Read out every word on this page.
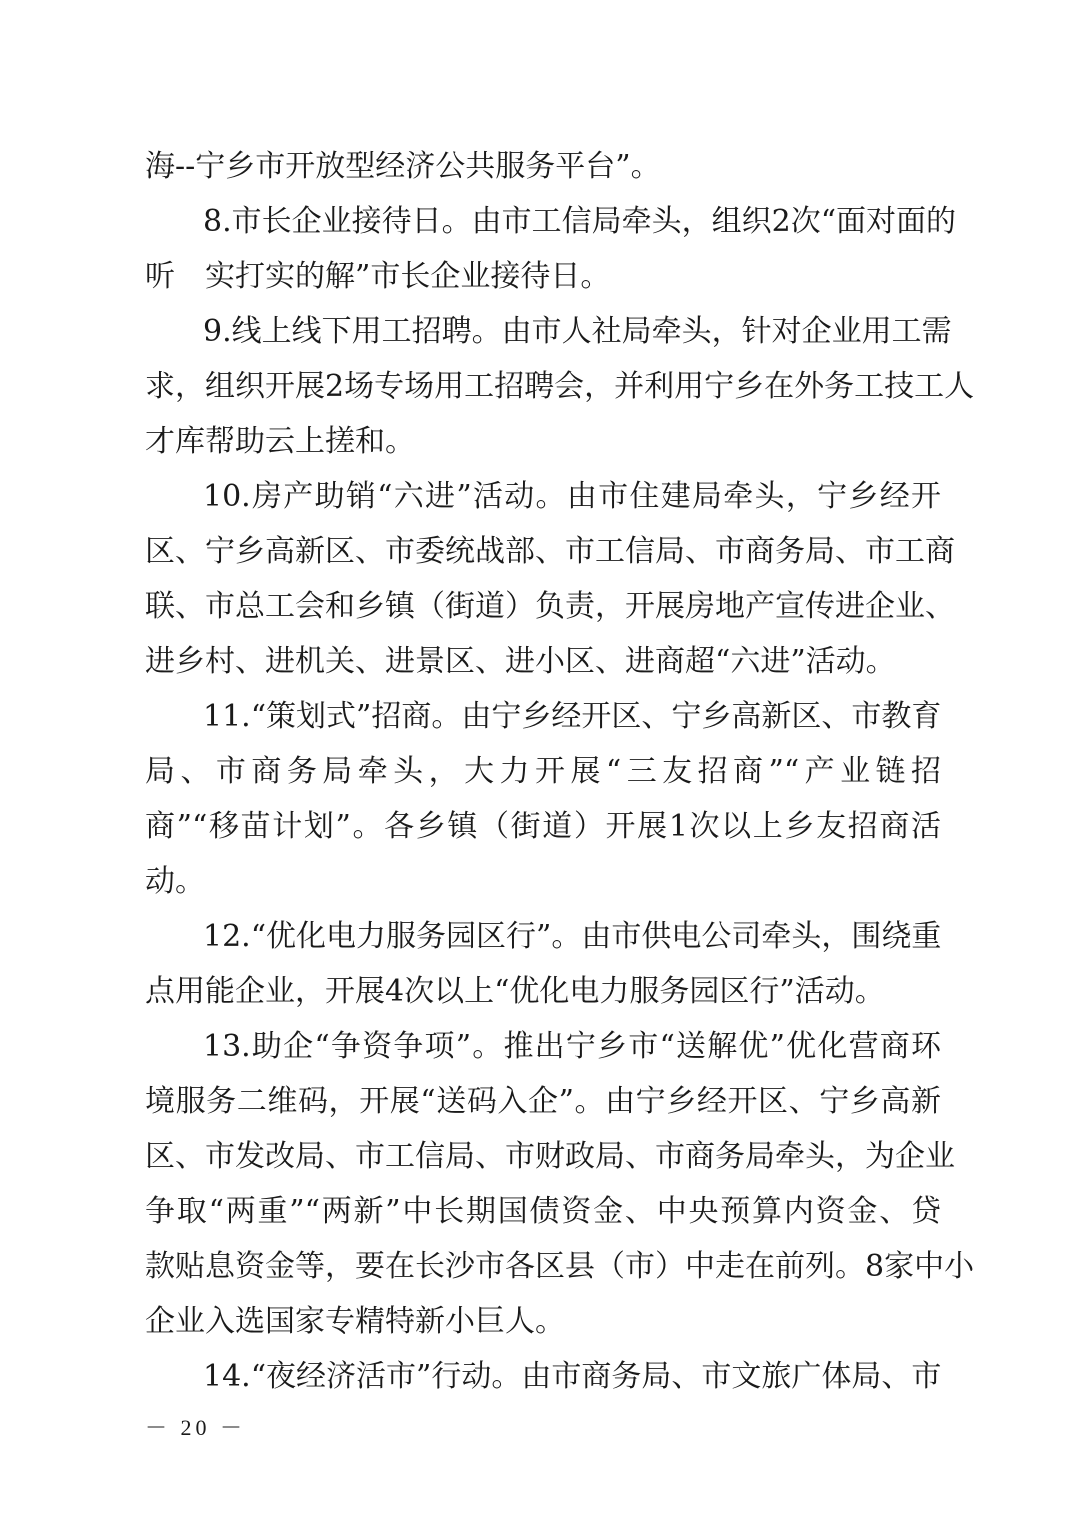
海--宁乡市开放型经济公共服务平台”。
8.市长企业接待日。由市工信局牵头，组织2次“面对面的
听　实打实的解”市长企业接待日。
9.线上线下用工招聘。由市人社局牵头，针对企业用工需
求，组织开展2场专场用工招聘会，并利用宁乡在外务工技工人
才库帮助云上搓和。
10.房产助销“六进”活动。由市住建局牵头，宁乡经开
区、宁乡高新区、市委统战部、市工信局、市商务局、市工商
联、市总工会和乡镇（街道）负责，开展房地产宣传进企业、
进乡村、进机关、进景区、进小区、进商超“六进”活动。
11.“策划式”招商。由宁乡经开区、宁乡高新区、市教育
局、市商务局牵头，大力开展“三友招商”“产业链招
商”“移苗计划”。各乡镇（街道）开展1次以上乡友招商活
动。
12.“优化电力服务园区行”。由市供电公司牵头，围绕重
点用能企业，开展4次以上“优化电力服务园区行”活动。
13.助企“争资争项”。推出宁乡市“送解优”优化营商环
境服务二维码，开展“送码入企”。由宁乡经开区、宁乡高新
区、市发改局、市工信局、市财政局、市商务局牵头，为企业
争取“两重”“两新”中长期国债资金、中央预算内资金、贷
款贴息资金等，要在长沙市各区县（市）中走在前列。8家中小
企业入选国家专精特新小巨人。
14.“夜经济活市”行动。由市商务局、市文旅广体局、市
－ 20 －
